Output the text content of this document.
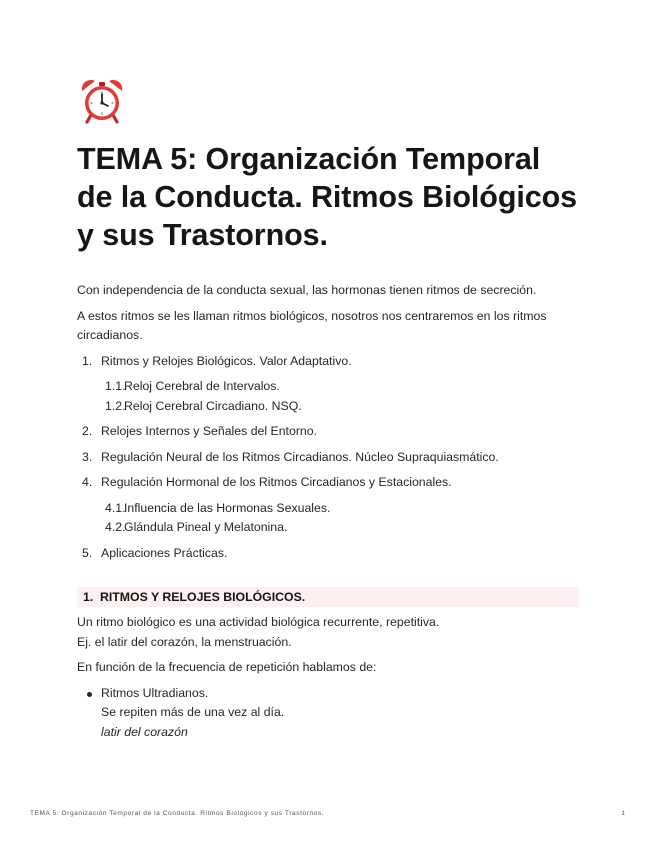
TEMA 5: Organización Temporal de la Conducta. Ritmos Biológicos y sus Trastornos.

Con independencia de la conducta sexual, las hormonas tienen ritmos de secreción.

A estos ritmos se les llaman ritmos biológicos, nosotros nos centraremos en los ritmos circadianos.

1. Ritmos y Relojes Biológicos. Valor Adaptativo.
1.1.Reloj Cerebral de Intervalos.
1.2.Reloj Cerebral Circadiano. NSQ.
2. Relojes Internos y Señales del Entorno.
3. Regulación Neural de los Ritmos Circadianos. Núcleo Supraquiasmático.
4. Regulación Hormonal de los Ritmos Circadianos y Estacionales.
4.1.Influencia de las Hormonas Sexuales.
4.2.Glándula Pineal y Melatonina.
5. Aplicaciones Prácticas.
1. RITMOS Y RELOJES BIOLÓGICOS.

Un ritmo biológico es una actividad biológica recurrente, repetitiva.
Ej. el latir del corazón, la menstruación.

En función de la frecuencia de repetición hablamos de:

Ritmos Ultradianos.
Se repiten más de una vez al día.
latir del corazón
TEMA 5: Organización Temporal de la Conducta. Ritmos Biológicos y sus Trastornos.	1
